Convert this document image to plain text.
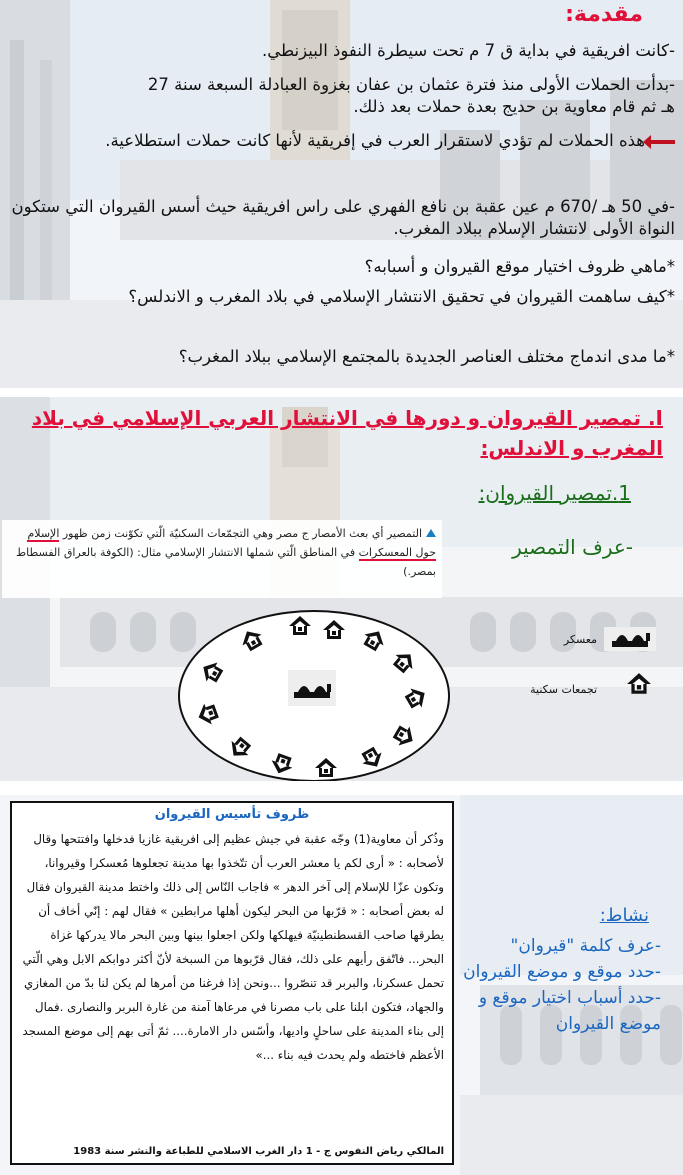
مقدمة:

-كانت افريقية في بداية ق 7 م تحت سيطرة النفوذ البيزنطي.

-بدأت الحملات الأولى منذ فترة عثمان بن عفان بغزوة العبادلة السبعة سنة 27

هـ ثم قام معاوية بن حديج بعدة حملات بعد ذلك.

هذه الحملات لم تؤدي لاستقرار العرب في إفريقية لأنها كانت حملات استطلاعية.

-في 50 هـ /670 م عين عقبة بن نافع الفهري على راس افريقية حيث أسس القيروان التي ستكون النواة الأولى لانتشار الإسلام ببلاد المغرب.

*ماهي ظروف اختيار موقع القيروان و أسبابه؟

*كيف ساهمت القيروان في تحقيق الانتشار الإسلامي في بلاد المغرب و الاندلس؟

*ما مدى اندماج مختلف العناصر الجديدة بالمجتمع الإسلامي ببلاد المغرب؟

I. تمصير القيروان و دورها في الانتشار العربي الإسلامي في بلاد المغرب و الاندلس:

1.تمصير القيروان:

التمصير أي بعث الأمصار ج مصر وهي التجمّعات السكنيّة الّتي تكوّنت زمن ظهور الإسلام حول المعسكرات في المناطق الّتي شملها الانتشار الإسلامي مثال: (الكوفة بالعراق الفسطاط بمصر.)

-عرف التمصير

معسكر

تجمعات سكنية

ظروف تأسيس القيروان

وذُكر أن معاوية(1) وجّه عقبة في جيش عظيم إلى افريقية غازيا فدخلها وافتتحها وقال لأصحابه : « أرى لكم يا معشر العرب أن تتّخذوا بها مدينة تجعلوها مُعسكرا وقيروانا، وتكون عزّا للإسلام إلى آخر الدهر » فاجاب النّاس إلى ذلك واختط مدينة القيروان فقال له بعض أصحابه : « قرّبها من البحر ليكون أهلها مرابطين » فقال لهم : إنّي أخاف أن يطرقها صاحب القسطنطينيّة فيهلكها ولكن اجعلوا بينها وبين البحر مالا يدركها غزاة البحر... فاتّفق رأيهم على ذلك، فقال قرّبوها من السبخة لأنّ أكثر دوابكم الابل وهي الّتي تحمل عسكرنا، والبربر قد تنصّروا ...ونحن إذا فرغنا من أمرها لم يكن لنا بدّ من المغازي والجهاد، فتكون ابلنا على باب مصرنا في مرعاها آمنة من غارة البربر والنصارى .فمال إلى بناء المدينة على ساحلٍ واديها، وأسّس دار الامارة.... ثمّ أتى بهم إلى موضع المسجد الأعظم فاختطه ولم يحدث فيه بناء ...»

المالكي رياض النفوس ج - 1 دار الغرب الاسلامي للطباعة والنشر سنة 1983

نشاط:

-عرف كلمة "قيروان"
-حدد موقع و موضع القيروان
-حدد أسباب اختيار موقع و موضع القيروان
